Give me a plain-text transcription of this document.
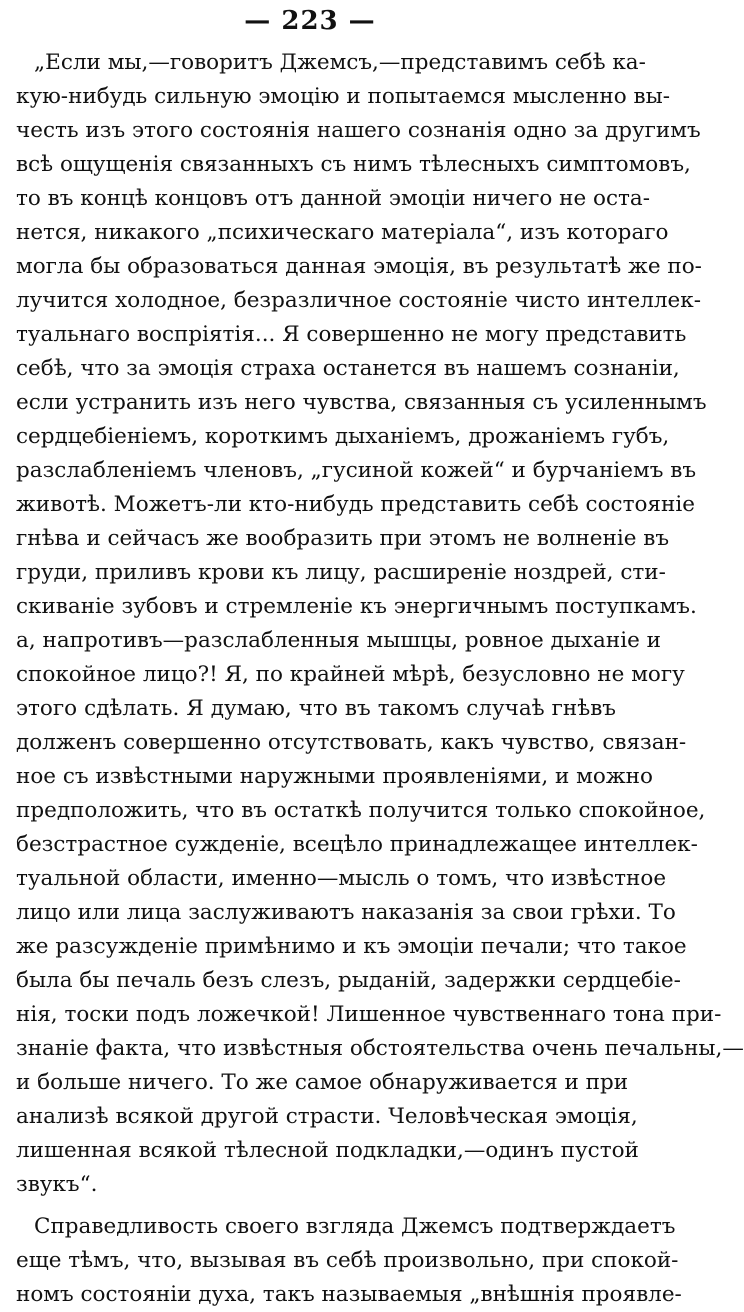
— 223 —
„Если мы,—говоритъ Джемсъ,—представимъ себѣ ка-
кую-нибудь сильную эмоцію и попытаемся мысленно вы-
честь изъ этого состоянія нашего сознанія одно за другимъ
всѣ ощущенія связанныхъ съ нимъ тѣлесныхъ симптомовъ,
то въ концѣ концовъ отъ данной эмоціи ничего не оста-
нется, никакого „психическаго матеріала“, изъ котораго
могла бы образоваться данная эмоція, въ результатѣ же по-
лучится холодное, безразличное состояніе чисто интеллек-
туальнаго воспріятія... Я совершенно не могу представить
себѣ, что за эмоція страха останется въ нашемъ сознаніи,
если устранить изъ него чувства, связанныя съ усиленнымъ
сердцебіеніемъ, короткимъ дыханіемъ, дрожаніемъ губъ,
разслабленіемъ членовъ, „гусиной кожей“ и бурчаніемъ въ
животѣ. Можетъ-ли кто-нибудь представить себѣ состояніе
гнѣва и сейчасъ же вообразить при этомъ не волненіе въ
груди, приливъ крови къ лицу, расширеніе ноздрей, сти-
скиваніе зубовъ и стремленіе къ энергичнымъ поступкамъ.
а, напротивъ—разслабленныя мышцы, ровное дыханіе и
спокойное лицо?! Я, по крайней мѣрѣ, безусловно не могу
этого сдѣлать. Я думаю, что въ такомъ случаѣ гнѣвъ
долженъ совершенно отсутствовать, какъ чувство, связан-
ное съ извѣстными наружными проявленіями, и можно
предположить, что въ остаткѣ получится только спокойное,
безстрастное сужденіе, всецѣло принадлежащее интеллек-
туальной области, именно—мысль о томъ, что извѣстное
лицо или лица заслуживаютъ наказанія за свои грѣхи. То
же разсужденіе примѣнимо и къ эмоціи печали; что такое
была бы печаль безъ слезъ, рыданій, задержки сердцебіе-
нія, тоски подъ ложечкой! Лишенное чувственнаго тона при-
знаніе факта, что извѣстныя обстоятельства очень печальны,—
и больше ничего. То же самое обнаруживается и при
анализѣ всякой другой страсти. Человѣческая эмоція,
лишенная всякой тѣлесной подкладки,—одинъ пустой
звукъ“.
Справедливость своего взгляда Джемсъ подтверждаетъ
еще тѣмъ, что, вызывая въ себѣ произвольно, при спокой-
номъ состояніи духа, такъ называемыя „внѣшнія проявле-
